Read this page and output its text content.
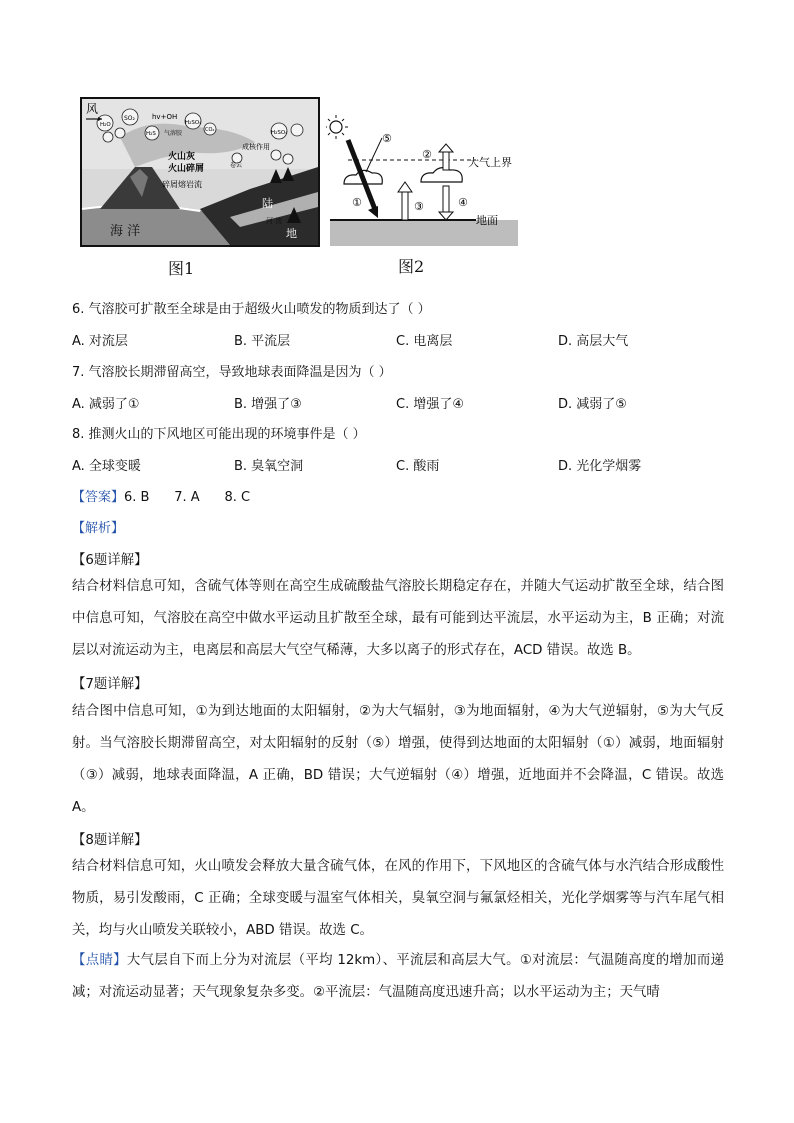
风
SO₂ hv+OH
H₂SO₄
H₂SO₄
气溶胶
H₂S
H₂O
CO₂
成核作用
卷云
火山灰
火山碎屑
碎屑熔岩流
海 洋
陆
河 流
地
图1
①
②
③	④
⑤
大气上界
地面
图2
6. 气溶胶可扩散至全球是由于超级火山喷发的物质到达了（ ）
A. 对流层	B. 平流层	C. 电离层	D. 高层大气
7. 气溶胶长期滞留高空，导致地球表面降温是因为（ ）
A. 减弱了①	B. 增强了③	C. 增强了④	D. 减弱了⑤
8. 推测火山的下风地区可能出现的环境事件是（ ）
A. 全球变暖	B. 臭氧空洞	C. 酸雨	D. 光化学烟雾
【答案】6. B      7. A      8. C
【解析】
【6题详解】
结合材料信息可知，含硫气体等则在高空生成硫酸盐气溶胶长期稳定存在，并随大气运动扩散至全球，结合图中信息可知，气溶胶在高空中做水平运动且扩散至全球，最有可能到达平流层，水平运动为主，B 正确；对流层以对流运动为主，电离层和高层大气空气稀薄，大多以离子的形式存在，ACD 错误。故选 B。
【7题详解】
结合图中信息可知，①为到达地面的太阳辐射，②为大气辐射，③为地面辐射，④为大气逆辐射，⑤为大气反射。当气溶胶长期滞留高空，对太阳辐射的反射（⑤）增强，使得到达地面的太阳辐射（①）减弱，地面辐射（③）减弱，地球表面降温，A 正确，BD 错误；大气逆辐射（④）增强，近地面并不会降温，C 错误。故选 A。
【8题详解】
结合材料信息可知，火山喷发会释放大量含硫气体，在风的作用下，下风地区的含硫气体与水汽结合形成酸性物质，易引发酸雨，C 正确；全球变暖与温室气体相关，臭氧空洞与氟氯烃相关，光化学烟雾等与汽车尾气相关，均与火山喷发关联较小，ABD 错误。故选 C。
【点睛】大气层自下而上分为对流层（平均 12km）、平流层和高层大气。①对流层：气温随高度的增加而递减；对流运动显著；天气现象复杂多变。②平流层：气温随高度迅速升高；以水平运动为主；天气晴
